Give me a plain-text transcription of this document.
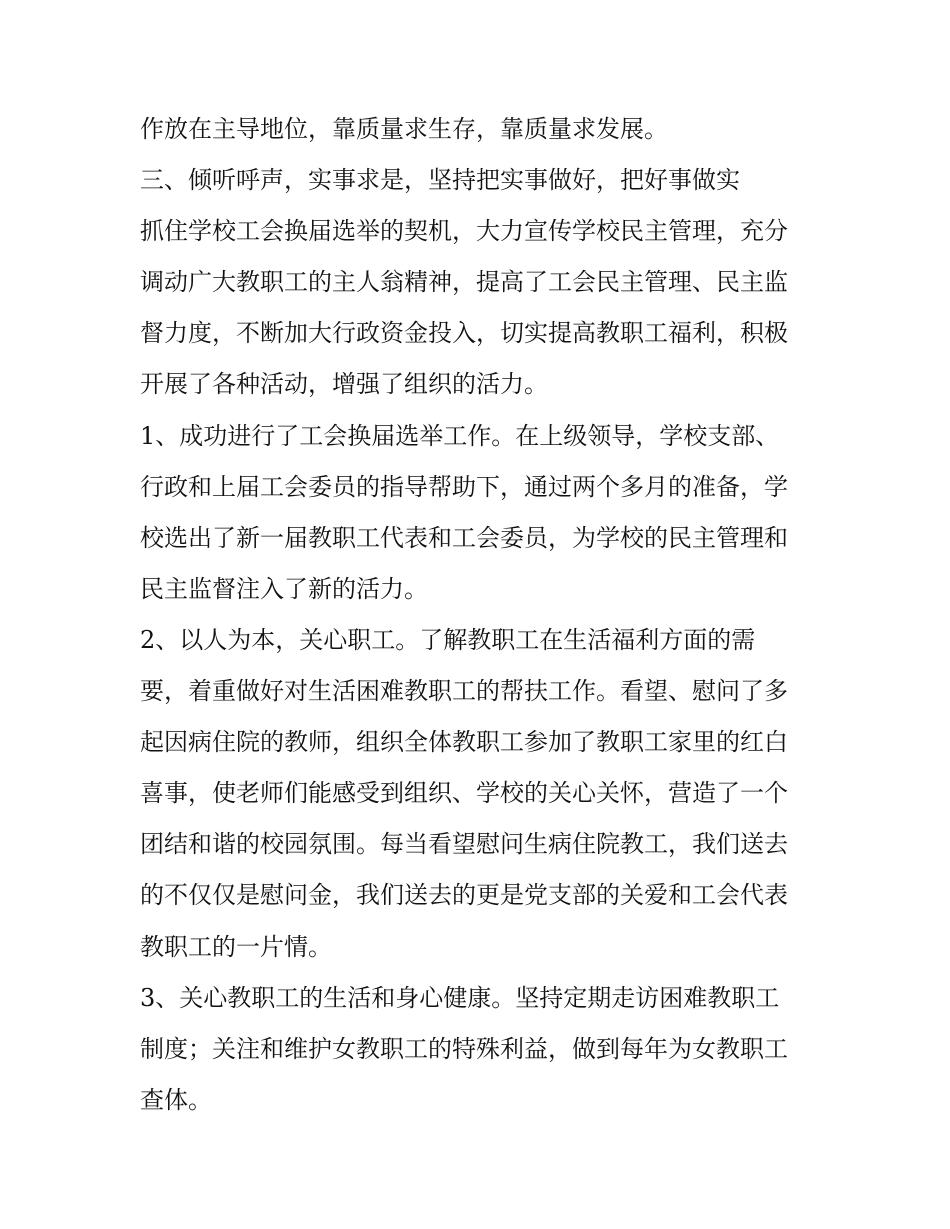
作放在主导地位，靠质量求生存，靠质量求发展。
三、倾听呼声，实事求是，坚持把实事做好，把好事做实
抓住学校工会换届选举的契机，大力宣传学校民主管理，充分
调动广大教职工的主人翁精神，提高了工会民主管理、民主监
督力度，不断加大行政资金投入，切实提高教职工福利，积极
开展了各种活动，增强了组织的活力。
1、成功进行了工会换届选举工作。在上级领导，学校支部、
行政和上届工会委员的指导帮助下，通过两个多月的准备，学
校选出了新一届教职工代表和工会委员，为学校的民主管理和
民主监督注入了新的活力。
2、以人为本，关心职工。了解教职工在生活福利方面的需
要，着重做好对生活困难教职工的帮扶工作。看望、慰问了多
起因病住院的教师，组织全体教职工参加了教职工家里的红白
喜事，使老师们能感受到组织、学校的关心关怀，营造了一个
团结和谐的校园氛围。每当看望慰问生病住院教工，我们送去
的不仅仅是慰问金，我们送去的更是党支部的关爱和工会代表
教职工的一片情。
3、关心教职工的生活和身心健康。坚持定期走访困难教职工
制度；关注和维护女教职工的特殊利益，做到每年为女教职工
查体。
